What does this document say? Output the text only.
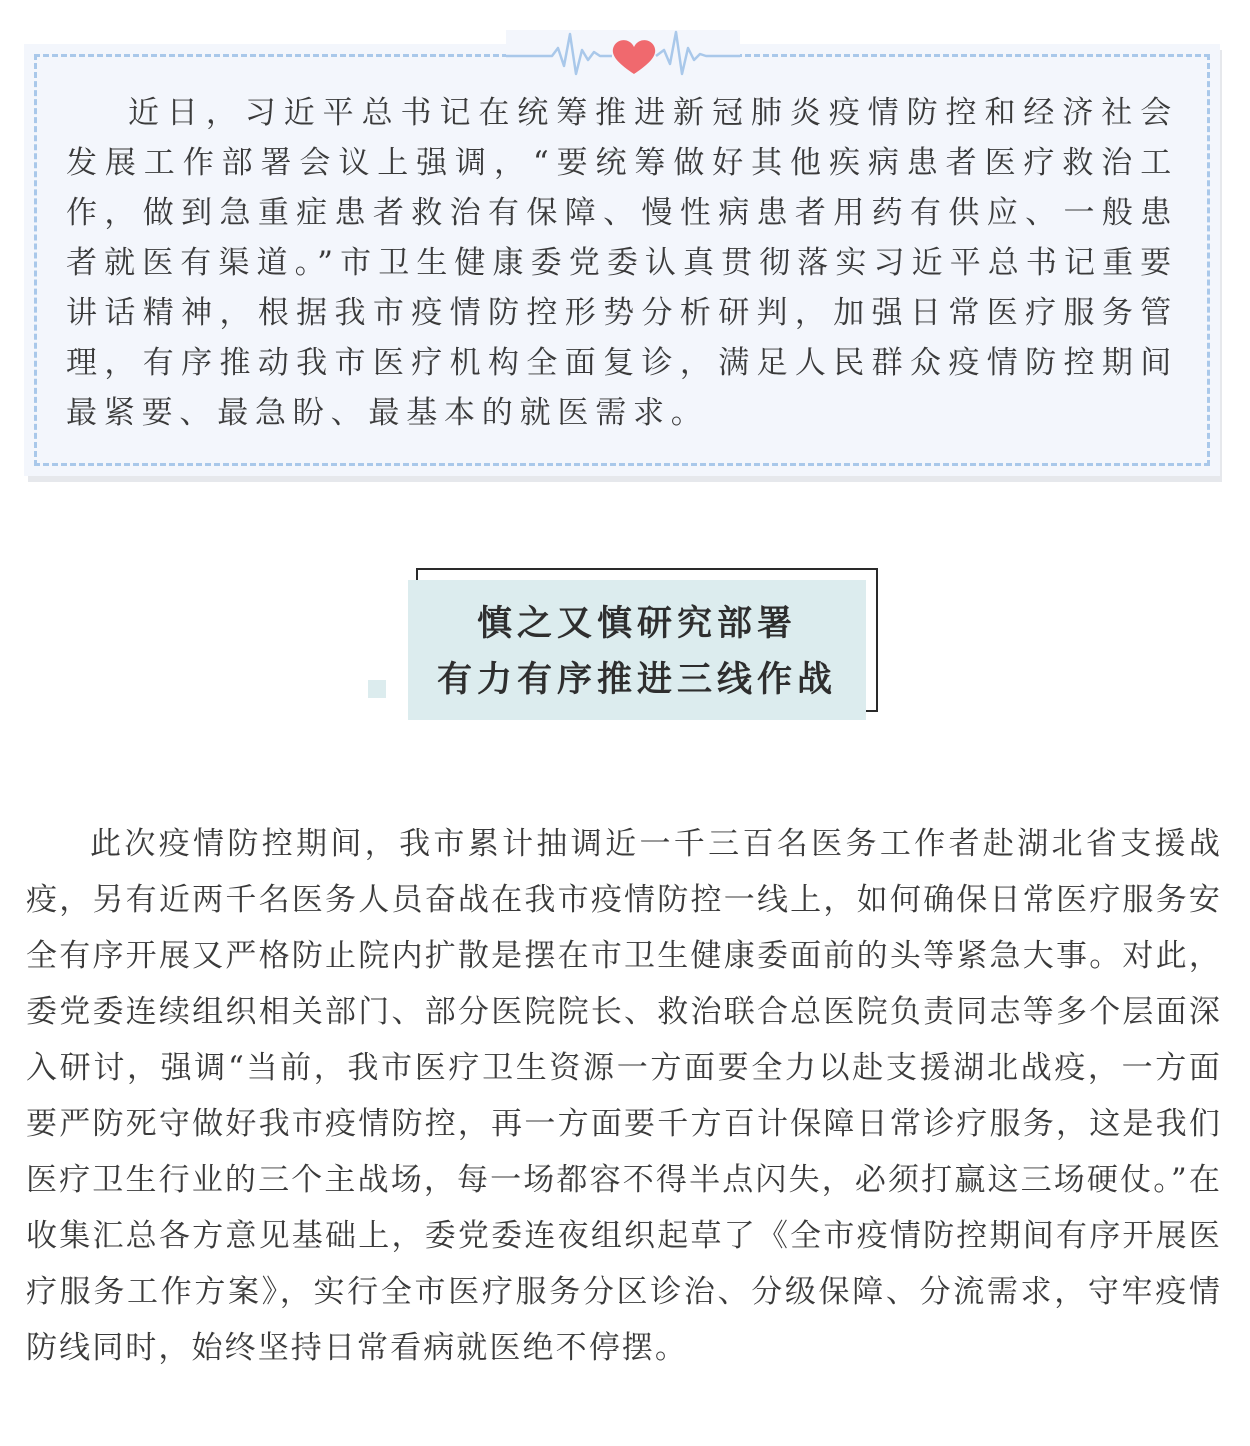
近日，习近平总书记在统筹推进新冠肺炎疫情防控和经济社会发展工作部署会议上强调，“要统筹做好其他疾病患者医疗救治工作，做到急重症患者救治有保障、慢性病患者用药有供应、一般患者就医有渠道。”市卫生健康委党委认真贯彻落实习近平总书记重要讲话精神，根据我市疫情防控形势分析研判，加强日常医疗服务管理，有序推动我市医疗机构全面复诊，满足人民群众疫情防控期间最紧要、最急盼、最基本的就医需求。

慎之又慎研究部署
有力有序推进三线作战

此次疫情防控期间，我市累计抽调近一千三百名医务工作者赴湖北省支援战疫，另有近两千名医务人员奋战在我市疫情防控一线上，如何确保日常医疗服务安全有序开展又严格防止院内扩散是摆在市卫生健康委面前的头等紧急大事。对此，委党委连续组织相关部门、部分医院院长、救治联合总医院负责同志等多个层面深入研讨，强调“当前，我市医疗卫生资源一方面要全力以赴支援湖北战疫，一方面要严防死守做好我市疫情防控，再一方面要千方百计保障日常诊疗服务，这是我们医疗卫生行业的三个主战场，每一场都容不得半点闪失，必须打赢这三场硬仗。”在收集汇总各方意见基础上，委党委连夜组织起草了《全市疫情防控期间有序开展医疗服务工作方案》，实行全市医疗服务分区诊治、分级保障、分流需求，守牢疫情防线同时，始终坚持日常看病就医绝不停摆。
